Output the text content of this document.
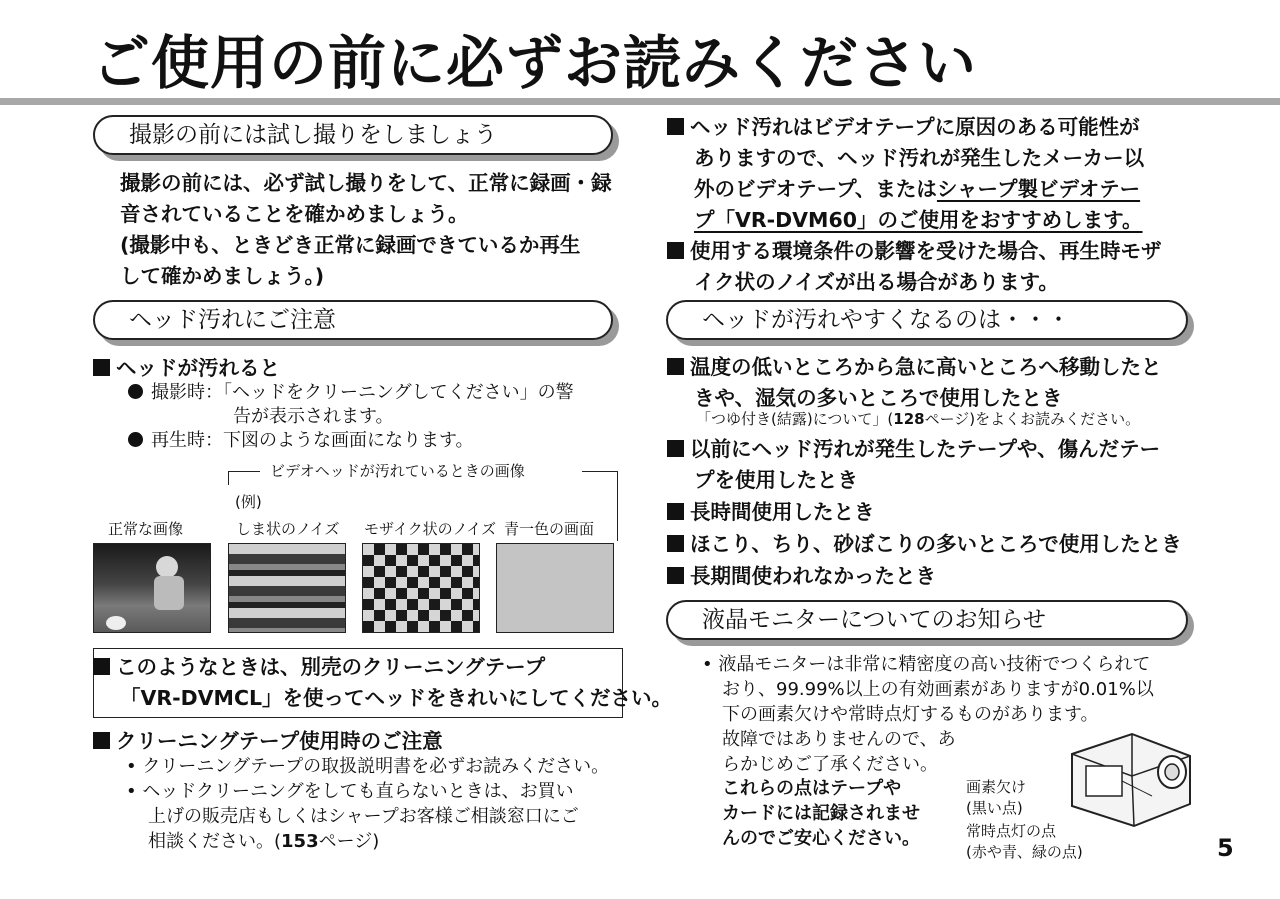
ご使用の前に必ずお読みください
撮影の前には試し撮りをしましょう
撮影の前には、必ず試し撮りをして、正常に録画・録
音されていることを確かめましょう。
(撮影中も、ときどき正常に録画できているか再生
して確かめましょう。)
ヘッド汚れにご注意
ヘッドが汚れると
撮影時：「ヘッドをクリーニングしてください」の警
告が表示されます。
再生時：下図のような画面になります。
ビデオヘッドが汚れているときの画像
(例)
正常な画像	しま状のノイズ モザイク状のノイズ 青一色の画面
このようなときは、別売のクリーニングテープ
「VR-DVMCL」を使ってヘッドをきれいにしてください。
クリーニングテープ使用時のご注意
• クリーニングテープの取扱説明書を必ずお読みください。
• ヘッドクリーニングをしても直らないときは、お買い
上げの販売店もしくはシャープお客様ご相談窓口にご
相談ください。(153ページ)
ヘッド汚れはビデオテープに原因のある可能性が
ありますので、ヘッド汚れが発生したメーカー以
外のビデオテープ、またはシャープ製ビデオテー
プ「VR-DVM60」のご使用をおすすめします。
使用する環境条件の影響を受けた場合、再生時モザ
イク状のノイズが出る場合があります。
ヘッドが汚れやすくなるのは・・・
温度の低いところから急に高いところへ移動したと
きや、湿気の多いところで使用したとき
「つゆ付き(結露)について」(128ページ)をよくお読みください。
以前にヘッド汚れが発生したテープや、傷んだテー
プを使用したとき
長時間使用したとき
ほこり、ちり、砂ぼこりの多いところで使用したとき
長期間使われなかったとき
液晶モニターについてのお知らせ
• 液晶モニターは非常に精密度の高い技術でつくられて
おり、99.99%以上の有効画素がありますが0.01%以
下の画素欠けや常時点灯するものがあります。
故障ではありませんので、あ
らかじめご了承ください。
これらの点はテープや
カードには記録されませ
んのでご安心ください。
画素欠け
(黒い点)
常時点灯の点
(赤や青、緑の点)	5
